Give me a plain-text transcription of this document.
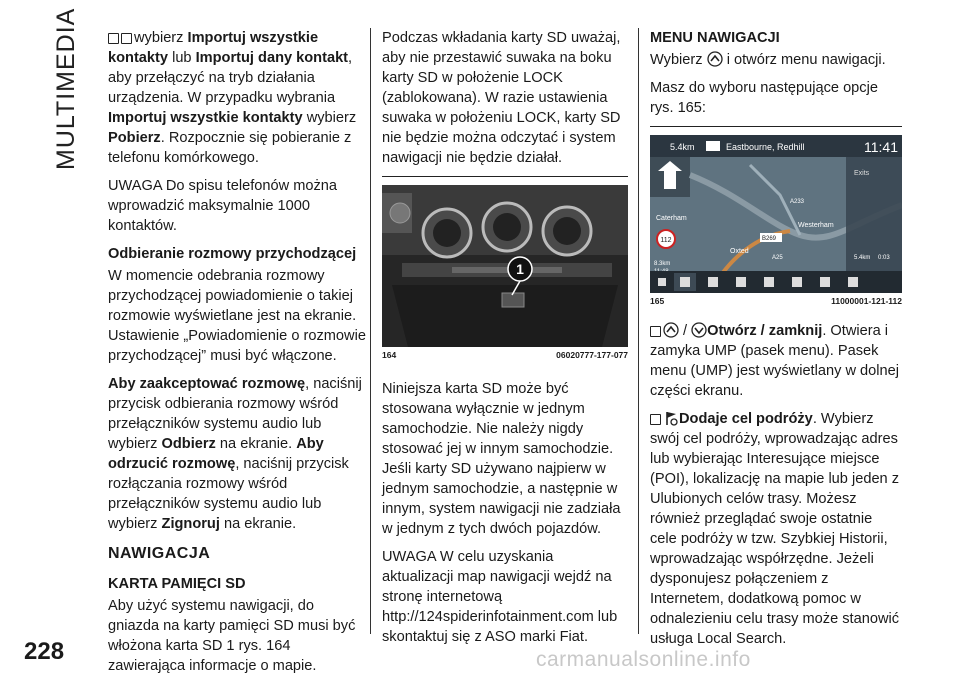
MULTIMEDIA
228	carmanualsonline.info

wybierz Importuj wszystkie kontakty lub Importuj dany kontakt, aby przełączyć na tryb działania urządzenia. W przypadku wybrania Importuj wszystkie kontakty wybierz Pobierz. Rozpocznie się pobieranie z telefonu komórkowego.

UWAGA Do spisu telefonów można wprowadzić maksymalnie 1000 kontaktów.

Odbieranie rozmowy przychodzącej

W momencie odebrania rozmowy przychodzącej powiadomienie o takiej rozmowie wyświetlane jest na ekranie. Ustawienie „Powiadomienie o rozmowie przychodzącej” musi być włączone.

Aby zaakceptować rozmowę, naciśnij przycisk odbierania rozmowy wśród przełączników systemu audio lub wybierz Odbierz na ekranie. Aby odrzucić rozmowę, naciśnij przycisk rozłączania rozmowy wśród przełączników systemu audio lub wybierz Zignoruj na ekranie.

NAWIGACJA
KARTA PAMIĘCI SD

Aby użyć systemu nawigacji, do gniazda na karty pamięci SD musi być włożona karta SD 1 rys. 164 zawierająca informacje o mapie.

Podczas wkładania karty SD uważaj, aby nie przestawić suwaka na boku karty SD w położenie LOCK (zablokowana). W razie ustawienia suwaka w położeniu LOCK, karty SD nie będzie można odczytać i system nawigacji nie będzie działał.

1
164	06020777-177-077

Niniejsza karta SD może być stosowana wyłącznie w jednym samochodzie. Nie należy nigdy stosować jej w innym samochodzie. Jeśli karty SD używano najpierw w jednym samochodzie, a następnie w innym, system nawigacji nie zadziała w jednym z tych dwóch pojazdów.

UWAGA W celu uzyskania aktualizacji map nawigacji wejdź na stronę internetową http://124spiderinfotainment.com lub skontaktuj się z ASO marki Fiat.

MENU NAWIGACJI

Wybierz  i otwórz menu nawigacji.

Masz do wyboru następujące opcje rys. 165:

5.4km	Eastbourne, Redhill	11:41
Exits
Caterham
Oxted
Westerham
A233
B269
A25
112
8.3km
5.4km 0:03
165	11000001-121-112

/ Otwórz / zamknij. Otwiera i zamyka UMP (pasek menu). Pasek menu (UMP) jest wyświetlany w dolnej części ekranu.

Dodaje cel podróży. Wybierz swój cel podróży, wprowadzając adres lub wybierając Interesujące miejsce (POI), lokalizację na mapie lub jeden z Ulubionych celów trasy. Możesz również przeglądać swoje ostatnie cele podróży w tzw. Szybkiej Historii, wprowadzając współrzędne. Jeżeli dysponujesz połączeniem z Internetem, dodatkową pomoc w odnalezieniu celu trasy może stanowić usługa Local Search.
